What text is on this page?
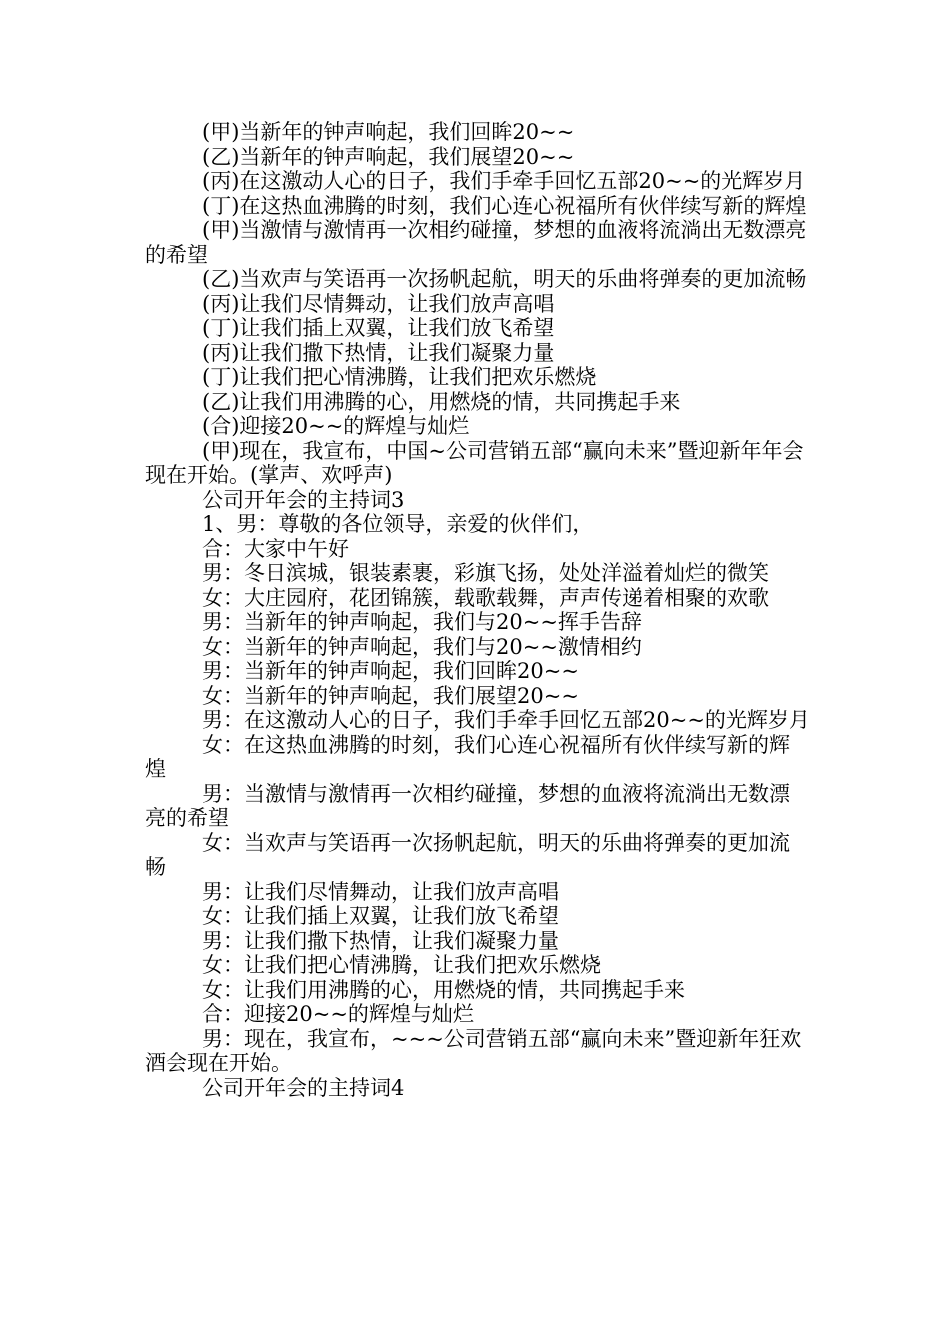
(甲)当新年的钟声响起，我们回眸20~~

(乙)当新年的钟声响起，我们展望20~~

(丙)在这激动人心的日子，我们手牵手回忆五部20~~的光辉岁月

(丁)在这热血沸腾的时刻，我们心连心祝福所有伙伴续写新的辉煌

(甲)当激情与激情再一次相约碰撞，梦想的血液将流淌出无数漂亮的希望

(乙)当欢声与笑语再一次扬帆起航，明天的乐曲将弹奏的更加流畅

(丙)让我们尽情舞动，让我们放声高唱

(丁)让我们插上双翼，让我们放飞希望

(丙)让我们撒下热情，让我们凝聚力量

(丁)让我们把心情沸腾，让我们把欢乐燃烧

(乙)让我们用沸腾的心，用燃烧的情，共同携起手来

(合)迎接20~~的辉煌与灿烂

(甲)现在，我宣布，中国~公司营销五部“赢向未来”暨迎新年年会现在开始。(掌声、欢呼声)

公司开年会的主持词3

1、男：尊敬的各位领导，亲爱的伙伴们，

合：大家中午好

男：冬日滨城，银装素裹，彩旗飞扬，处处洋溢着灿烂的微笑

女：大庄园府，花团锦簇，载歌载舞，声声传递着相聚的欢歌

男：当新年的钟声响起，我们与20~~挥手告辞

女：当新年的钟声响起，我们与20~~激情相约

男：当新年的钟声响起，我们回眸20~~

女：当新年的钟声响起，我们展望20~~

男：在这激动人心的日子，我们手牵手回忆五部20~~的光辉岁月

女：在这热血沸腾的时刻，我们心连心祝福所有伙伴续写新的辉煌

男：当激情与激情再一次相约碰撞，梦想的血液将流淌出无数漂亮的希望

女：当欢声与笑语再一次扬帆起航，明天的乐曲将弹奏的更加流畅

男：让我们尽情舞动，让我们放声高唱

女：让我们插上双翼，让我们放飞希望

男：让我们撒下热情，让我们凝聚力量

女：让我们把心情沸腾，让我们把欢乐燃烧

女：让我们用沸腾的心，用燃烧的情，共同携起手来

合：迎接20~~的辉煌与灿烂

男：现在，我宣布，~~~公司营销五部“赢向未来”暨迎新年狂欢酒会现在开始。

公司开年会的主持词4
